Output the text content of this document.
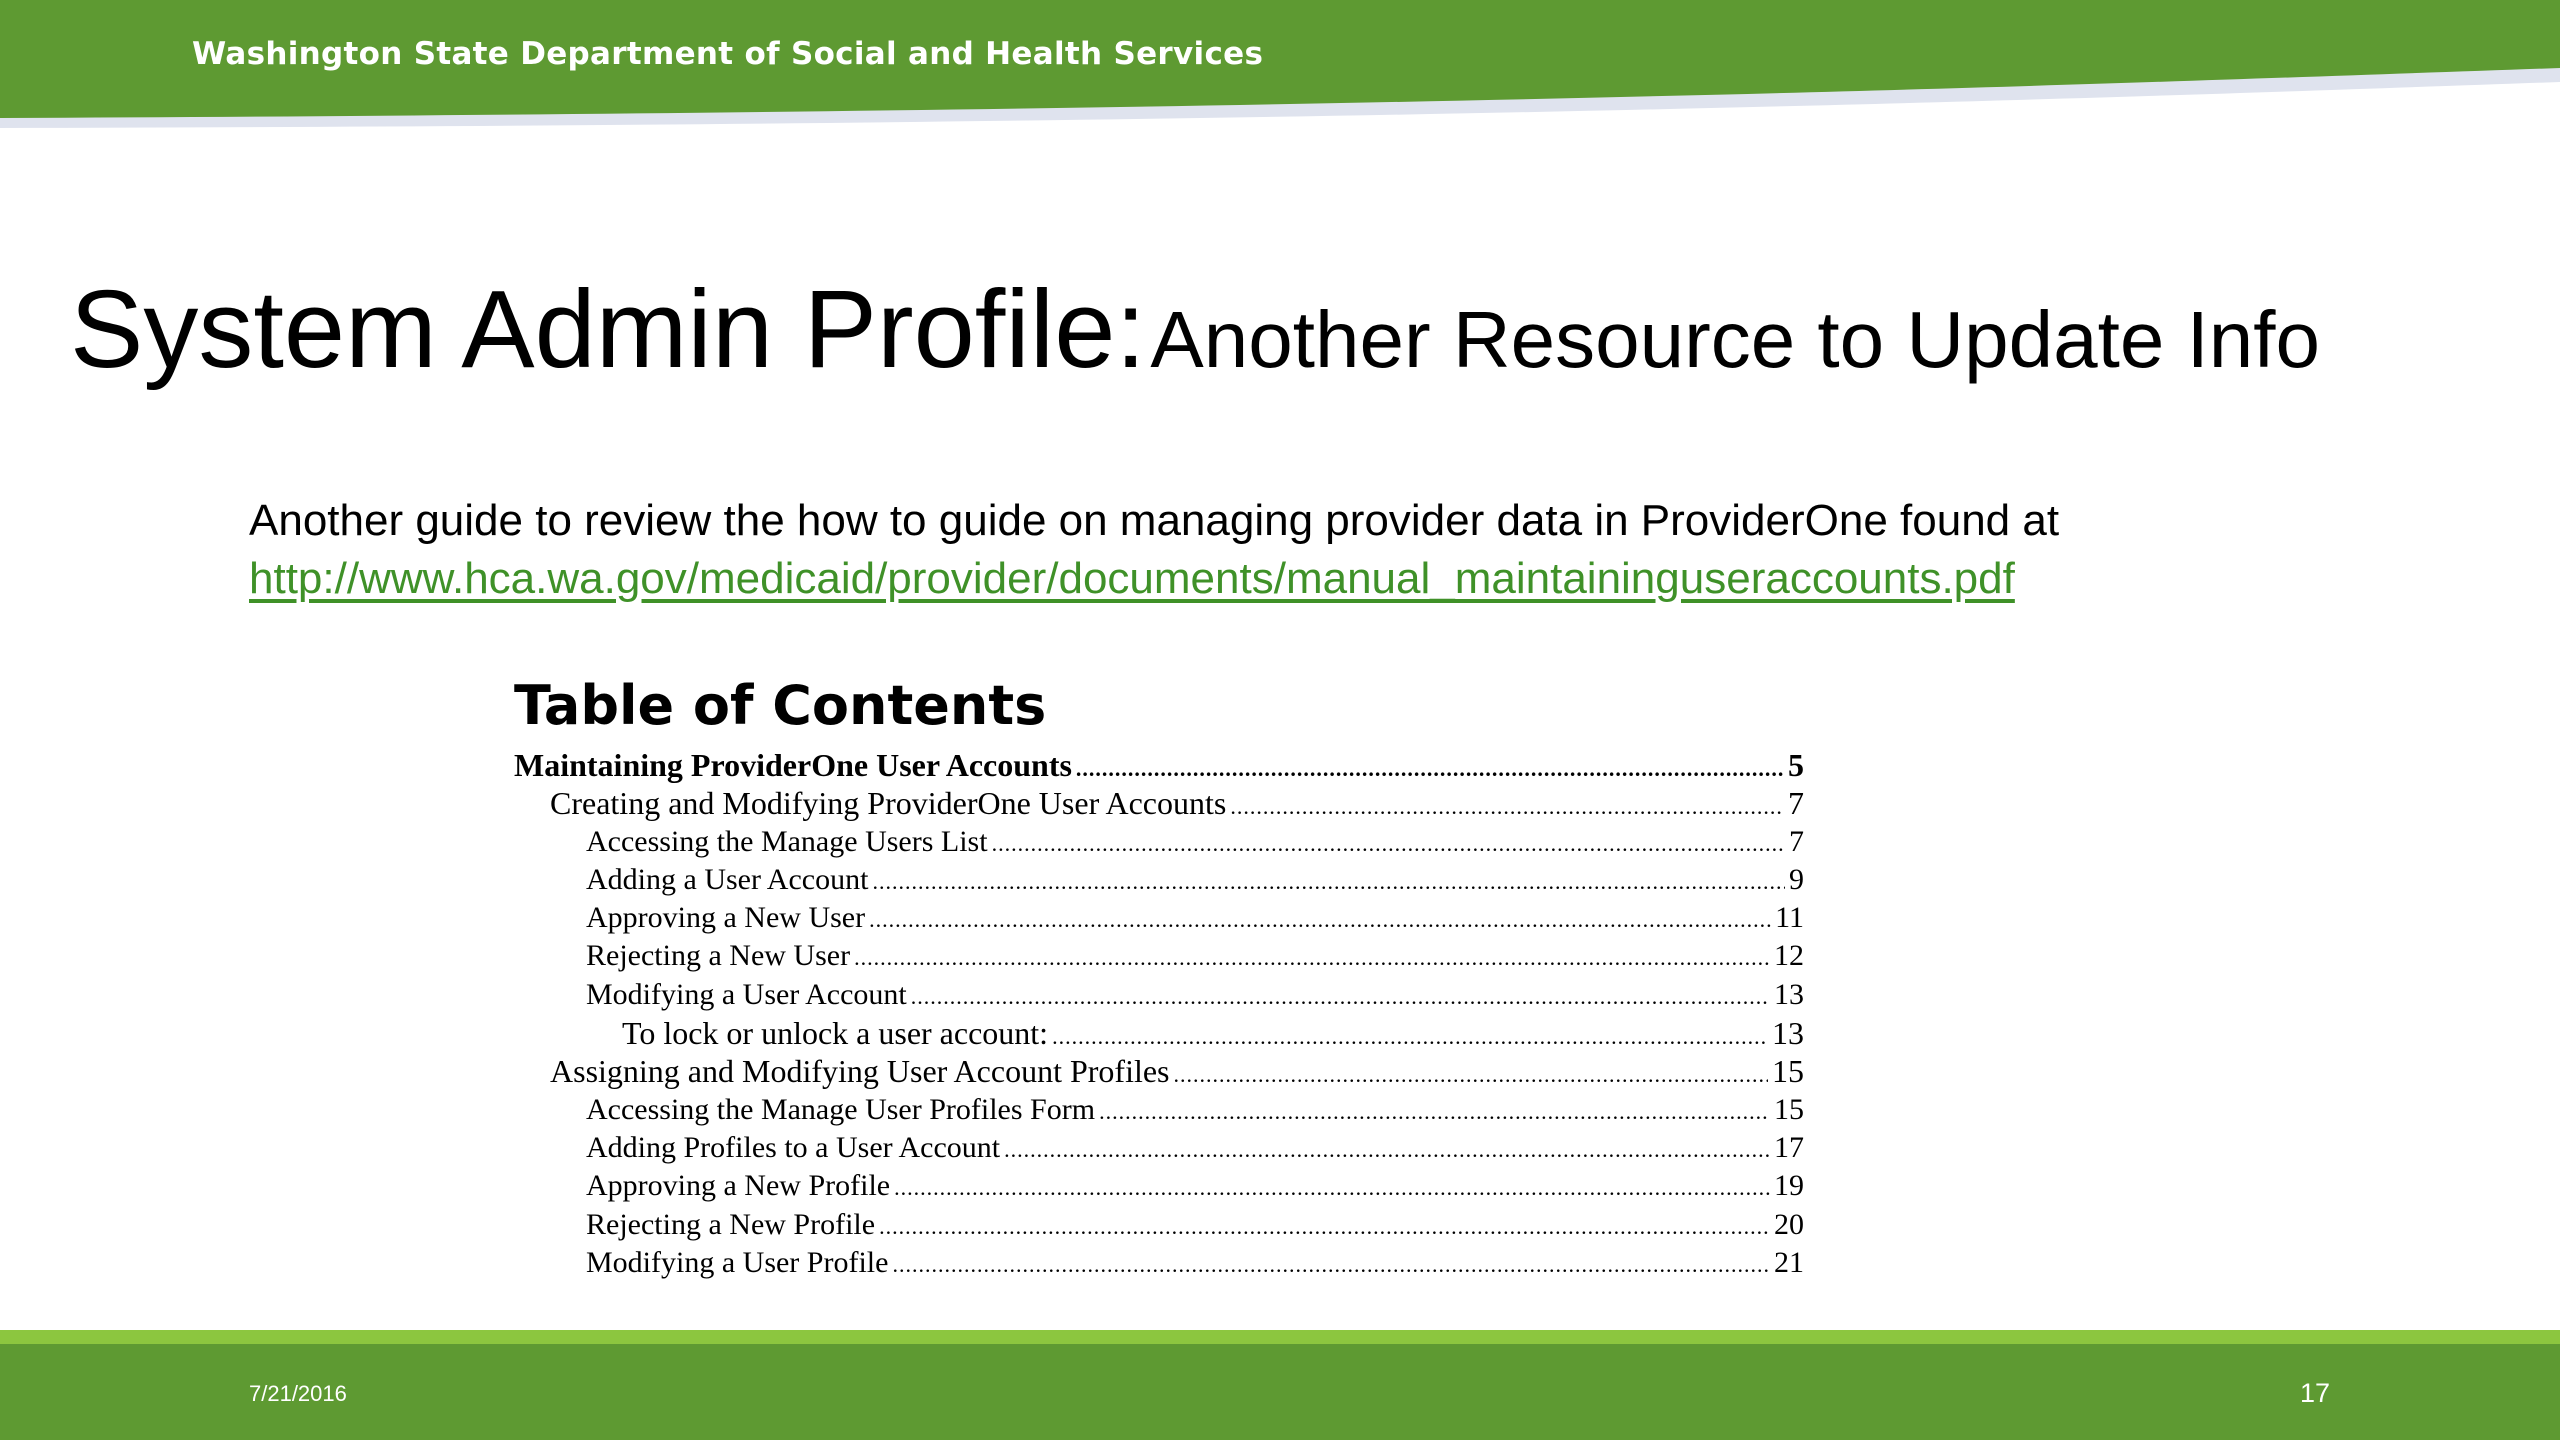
Washington State Department of Social and Health Services
System Admin Profile: Another Resource to Update Info
Another guide to review the how to guide on managing provider data in ProviderOne found at
http://www.hca.wa.gov/medicaid/provider/documents/manual_maintaininguseraccounts.pdf
Table of Contents
Maintaining ProviderOne User Accounts .....	5
Creating and Modifying ProviderOne User Accounts .....	7
Accessing the Manage Users List .....	7
Adding a User Account .....	9
Approving a New User .....	11
Rejecting a New User .....	12
Modifying a User Account .....	13
To lock or unlock a user account: .....	13
Assigning and Modifying User Account Profiles .....	15
Accessing the Manage User Profiles Form .....	15
Adding Profiles to a User Account .....	17
Approving a New Profile .....	19
Rejecting a New Profile .....	20
Modifying a User Profile .....	21
7/21/2016	17
